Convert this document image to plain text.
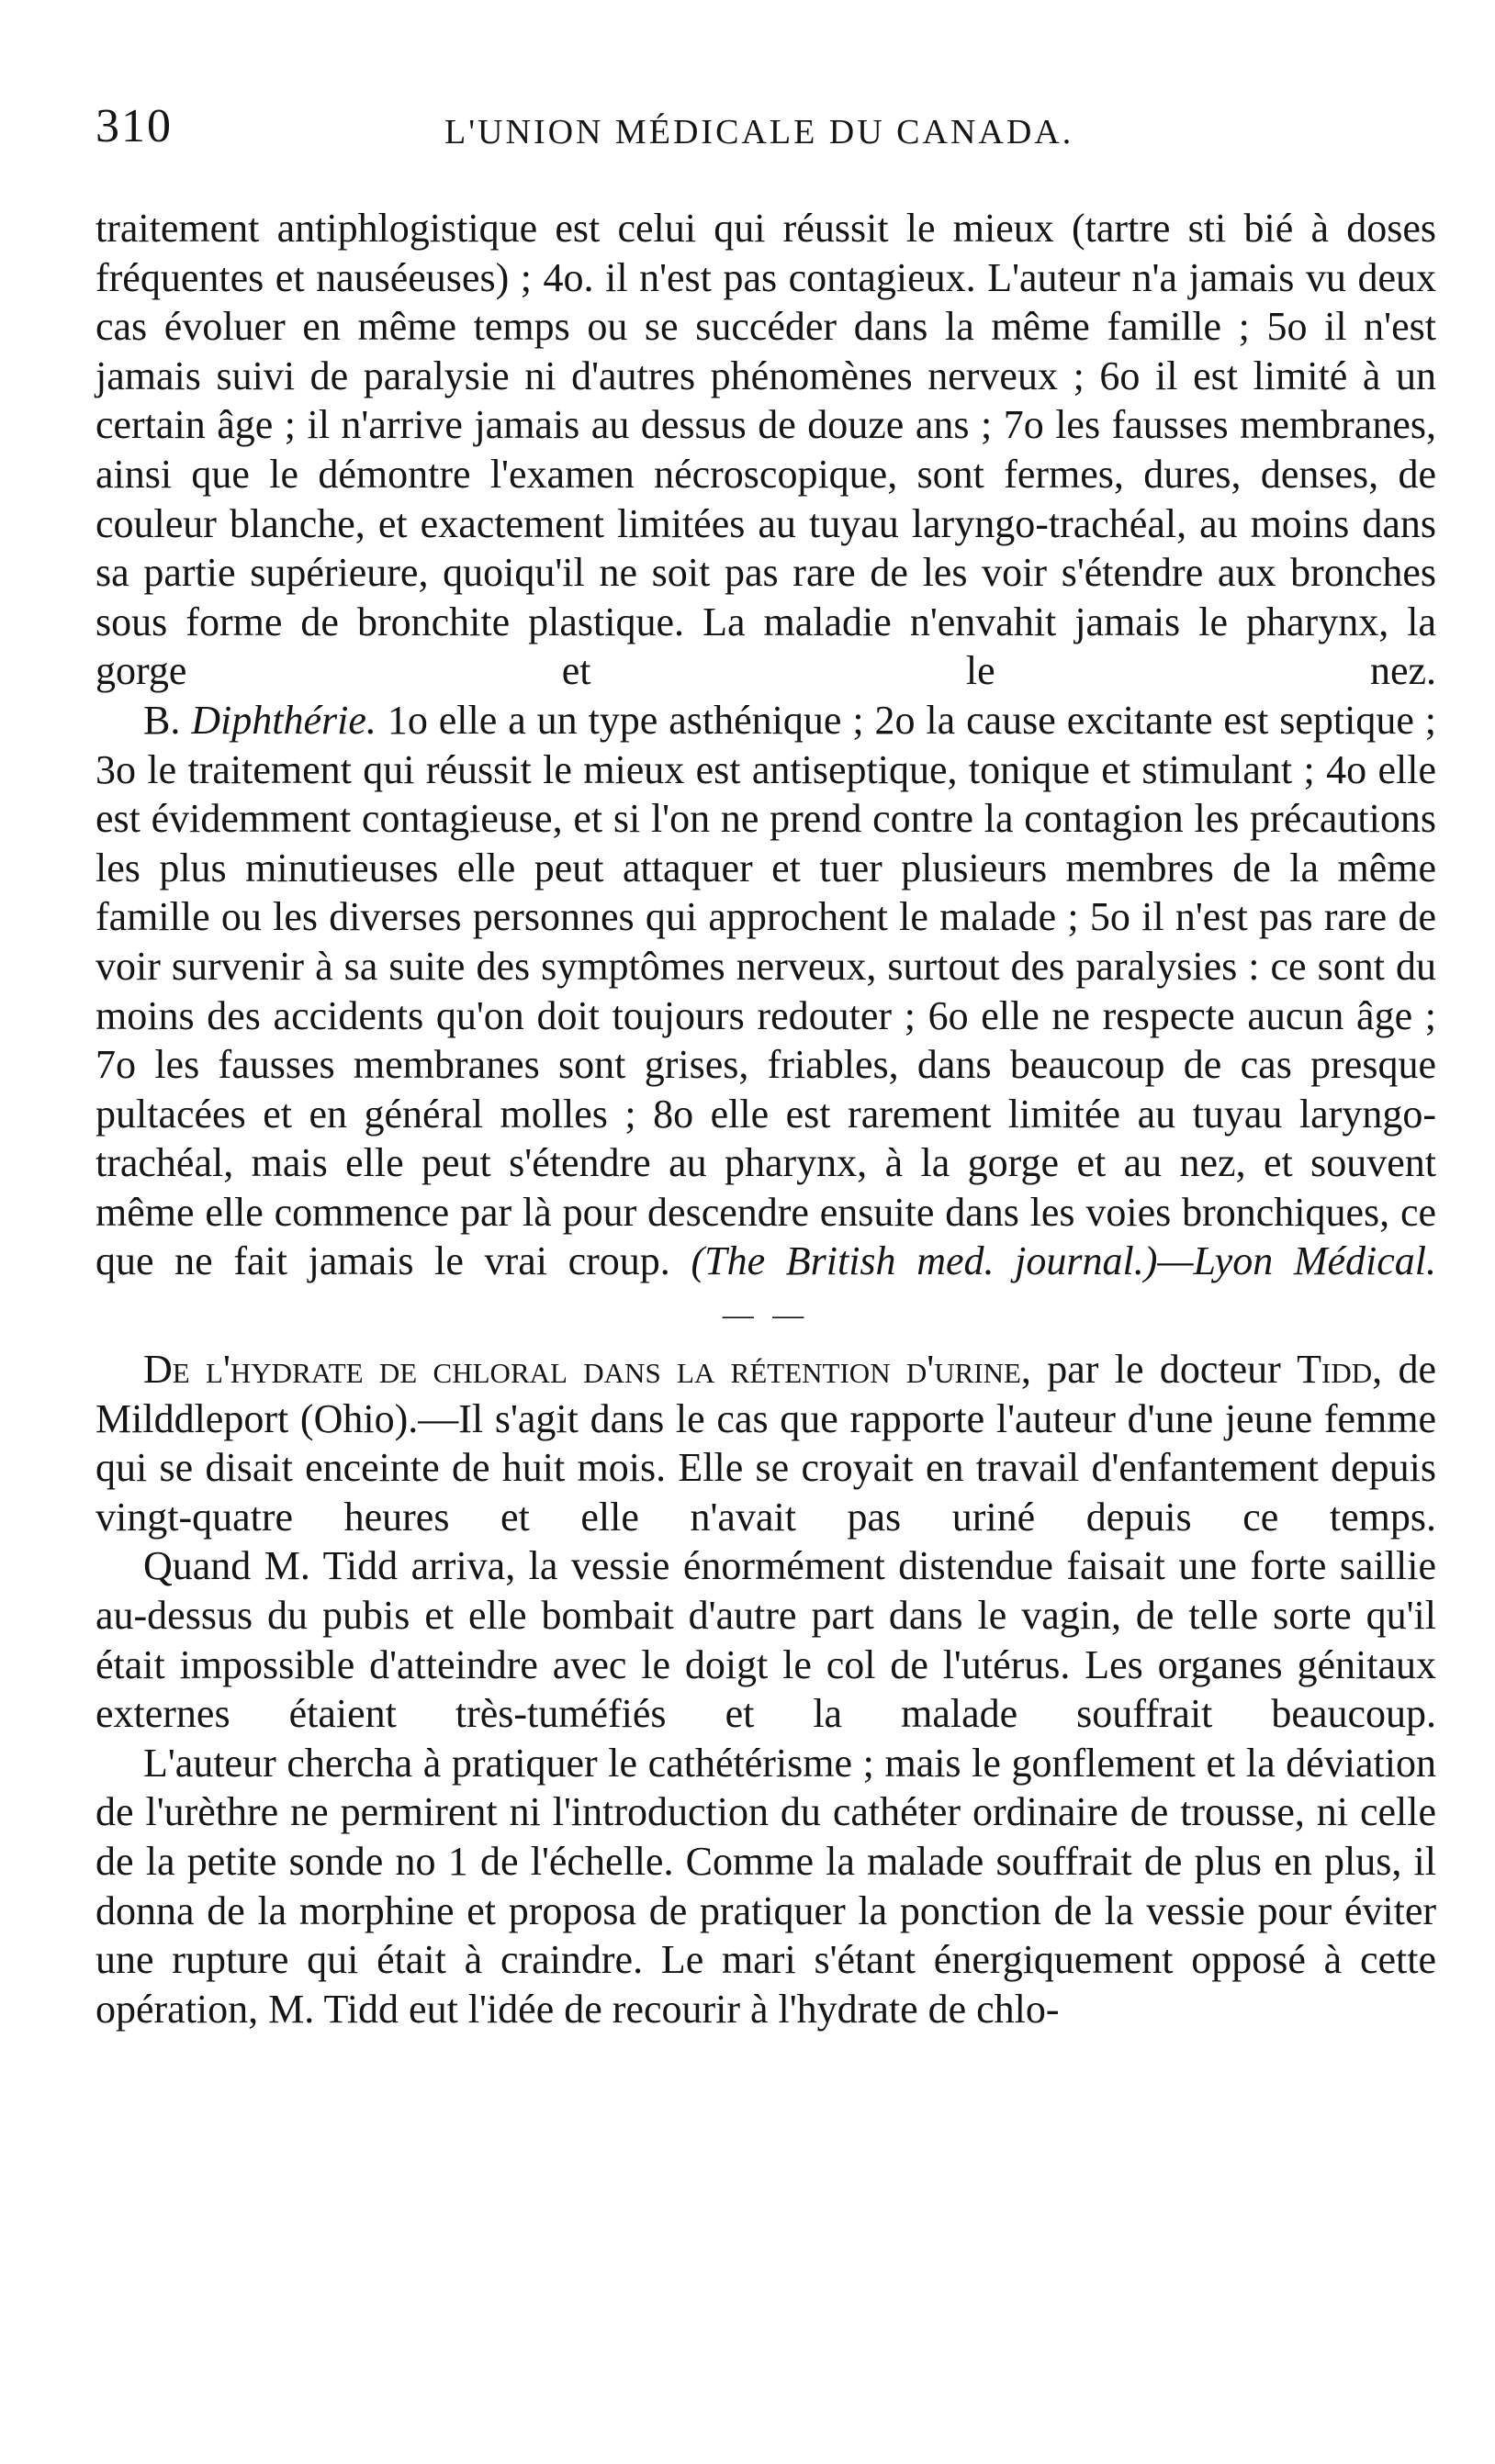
310	L'UNION MÉDICALE DU CANADA.

traitement antiphlogistique est celui qui réussit le mieux (tartre sti bié à doses fréquentes et nauséeuses) ; 4o. il n'est pas contagieux. L'auteur n'a jamais vu deux cas évoluer en même temps ou se succéder dans la même famille ; 5o il n'est jamais suivi de paralysie ni d'autres phénomènes nerveux ; 6o il est limité à un certain âge ; il n'arrive jamais au dessus de douze ans ; 7o les fausses membranes, ainsi que le démontre l'examen nécroscopique, sont fermes, dures, denses, de couleur blanche, et exactement limitées au tuyau laryngo-trachéal, au moins dans sa partie supérieure, quoiqu'il ne soit pas rare de les voir s'étendre aux bronches sous forme de bronchite plastique. La maladie n'envahit jamais le pharynx, la gorge et le nez.

B. Diphthérie. 1o elle a un type asthénique ; 2o la cause excitante est septique ; 3o le traitement qui réussit le mieux est antiseptique, tonique et stimulant ; 4o elle est évidemment contagieuse, et si l'on ne prend contre la contagion les précautions les plus minutieuses elle peut attaquer et tuer plusieurs membres de la même famille ou les diverses personnes qui approchent le malade ; 5o il n'est pas rare de voir survenir à sa suite des symptômes nerveux, surtout des paralysies : ce sont du moins des accidents qu'on doit toujours redouter ; 6o elle ne respecte aucun âge ; 7o les fausses membranes sont grises, friables, dans beaucoup de cas presque pultacées et en général molles ; 8o elle est rarement limitée au tuyau laryngo-trachéal, mais elle peut s'étendre au pharynx, à la gorge et au nez, et souvent même elle commence par là pour descendre ensuite dans les voies bronchiques, ce que ne fait jamais le vrai croup. (The British med. journal.)—Lyon Médical.

— —

De l'hydrate de chloral dans la rétention d'urine, par le docteur Tidd, de Milddleport (Ohio).—Il s'agit dans le cas que rapporte l'auteur d'une jeune femme qui se disait enceinte de huit mois. Elle se croyait en travail d'enfantement depuis vingt-quatre heures et elle n'avait pas uriné depuis ce temps.

Quand M. Tidd arriva, la vessie énormément distendue faisait une forte saillie au-dessus du pubis et elle bombait d'autre part dans le vagin, de telle sorte qu'il était impossible d'atteindre avec le doigt le col de l'utérus. Les organes génitaux externes étaient très-tuméfiés et la malade souffrait beaucoup.

L'auteur chercha à pratiquer le cathétérisme ; mais le gonflement et la déviation de l'urèthre ne permirent ni l'introduction du cathéter ordinaire de trousse, ni celle de la petite sonde no 1 de l'échelle. Comme la malade souffrait de plus en plus, il donna de la morphine et proposa de pratiquer la ponction de la vessie pour éviter une rupture qui était à craindre. Le mari s'étant énergiquement opposé à cette opération, M. Tidd eut l'idée de recourir à l'hydrate de chlo-
